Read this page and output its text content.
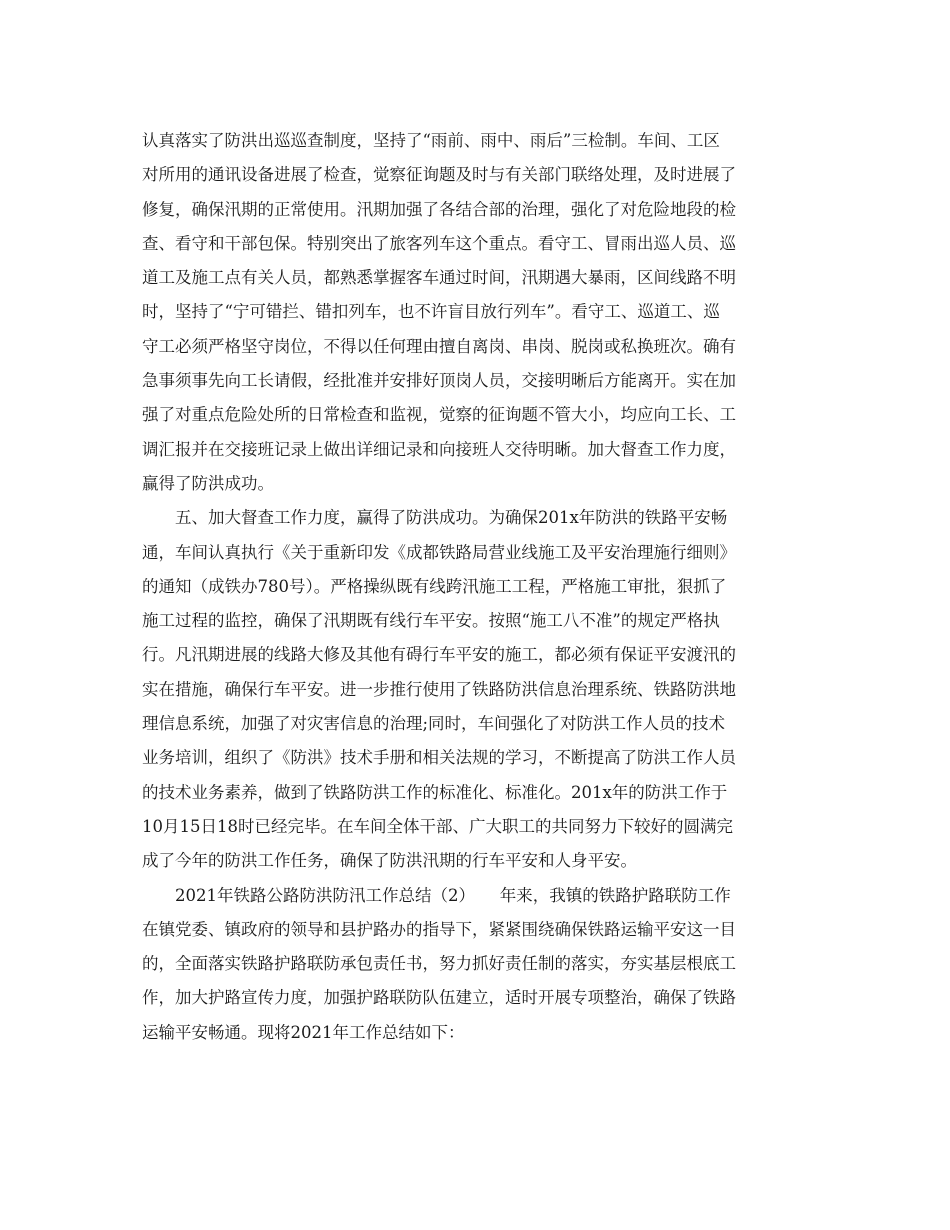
认真落实了防洪出巡巡查制度，坚持了“雨前、雨中、雨后”三检制。车间、工区
对所用的通讯设备进展了检查，觉察征询题及时与有关部门联络处理，及时进展了
修复，确保汛期的正常使用。汛期加强了各结合部的治理，强化了对危险地段的检
查、看守和干部包保。特别突出了旅客列车这个重点。看守工、冒雨出巡人员、巡
道工及施工点有关人员，都熟悉掌握客车通过时间，汛期遇大暴雨，区间线路不明
时，坚持了“宁可错拦、错扣列车，也不许盲目放行列车”。看守工、巡道工、巡
守工必须严格坚守岗位，不得以任何理由擅自离岗、串岗、脱岗或私换班次。确有
急事须事先向工长请假，经批准并安排好顶岗人员，交接明晰后方能离开。实在加
强了对重点危险处所的日常检查和监视，觉察的征询题不管大小，均应向工长、工
调汇报并在交接班记录上做出详细记录和向接班人交待明晰。加大督查工作力度，
赢得了防洪成功。
　　五、加大督查工作力度，赢得了防洪成功。为确保201x年防洪的铁路平安畅
通，车间认真执行《关于重新印发《成都铁路局营业线施工及平安治理施行细则》
的通知（成铁办780号）。严格操纵既有线跨汛施工工程，严格施工审批，狠抓了
施工过程的监控，确保了汛期既有线行车平安。按照“施工八不准”的规定严格执
行。凡汛期进展的线路大修及其他有碍行车平安的施工，都必须有保证平安渡汛的
实在措施，确保行车平安。进一步推行使用了铁路防洪信息治理系统、铁路防洪地
理信息系统，加强了对灾害信息的治理;同时，车间强化了对防洪工作人员的技术
业务培训，组织了《防洪》技术手册和相关法规的学习，不断提高了防洪工作人员
的技术业务素养，做到了铁路防洪工作的标准化、标准化。201x年的防洪工作于
10月15日18时已经完毕。在车间全体干部、广大职工的共同努力下较好的圆满完
成了今年的防洪工作任务，确保了防洪汛期的行车平安和人身平安。
　　2021年铁路公路防洪防汛工作总结（2）　　年来，我镇的铁路护路联防工作
在镇党委、镇政府的领导和县护路办的指导下，紧紧围绕确保铁路运输平安这一目
的，全面落实铁路护路联防承包责任书，努力抓好责任制的落实，夯实基层根底工
作，加大护路宣传力度，加强护路联防队伍建立，适时开展专项整治，确保了铁路
运输平安畅通。现将2021年工作总结如下：
